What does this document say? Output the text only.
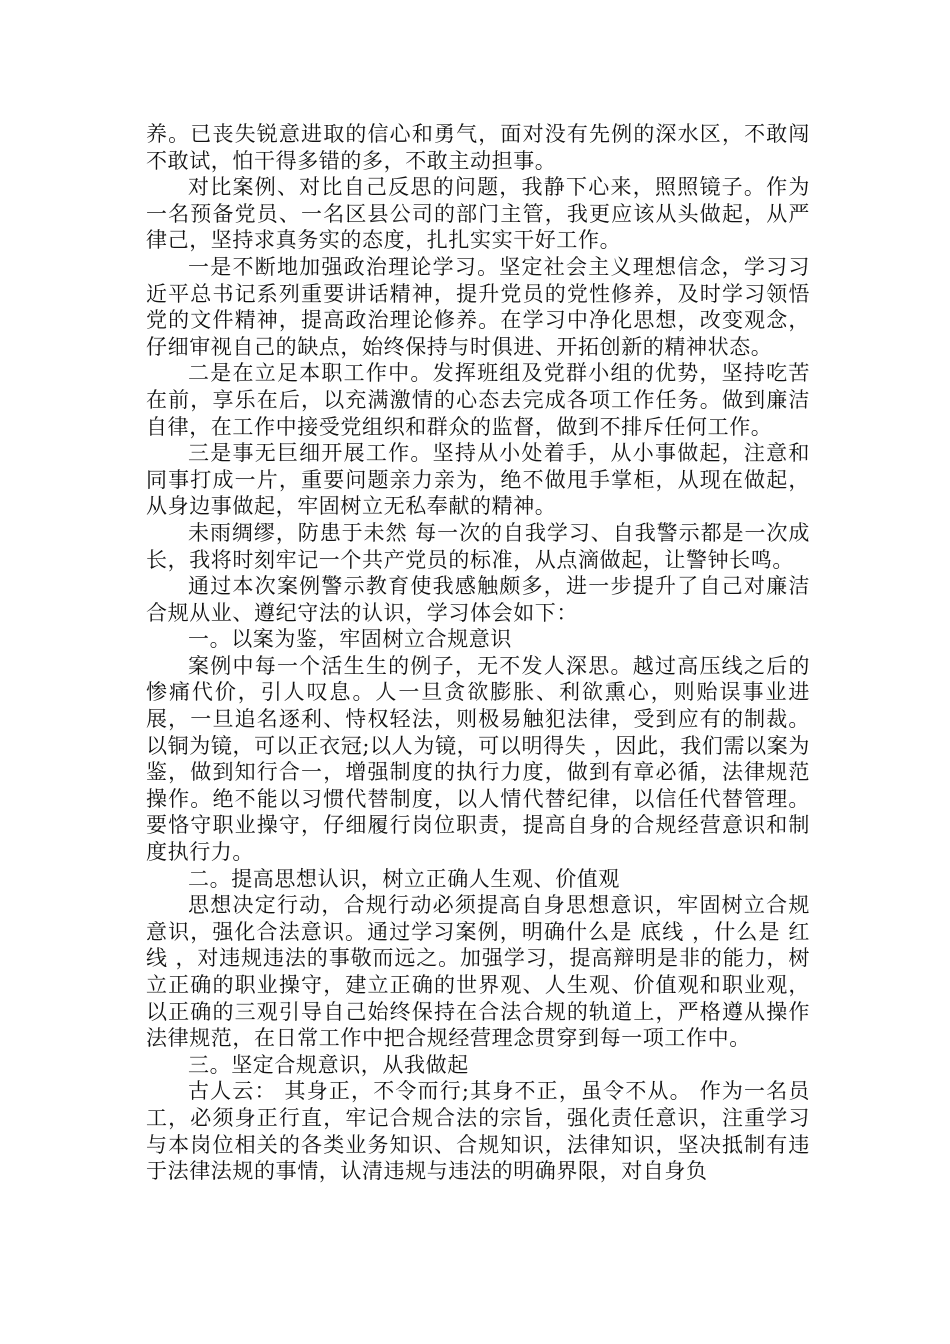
养。已丧失锐意进取的信心和勇气，面对没有先例的深水区，不敢闯不敢试，怕干得多错的多，不敢主动担事。

对比案例、对比自己反思的问题，我静下心来，照照镜子。作为一名预备党员、一名区县公司的部门主管，我更应该从头做起，从严律己，坚持求真务实的态度，扎扎实实干好工作。

一是不断地加强政治理论学习。坚定社会主义理想信念，学习习近平总书记系列重要讲话精神，提升党员的党性修养，及时学习领悟党的文件精神，提高政治理论修养。在学习中净化思想，改变观念，仔细审视自己的缺点，始终保持与时俱进、开拓创新的精神状态。

二是在立足本职工作中。发挥班组及党群小组的优势，坚持吃苦在前，享乐在后，以充满激情的心态去完成各项工作任务。做到廉洁自律，在工作中接受党组织和群众的监督，做到不排斥任何工作。

三是事无巨细开展工作。坚持从小处着手，从小事做起，注意和同事打成一片，重要问题亲力亲为，绝不做甩手掌柜，从现在做起，从身边事做起，牢固树立无私奉献的精神。

未雨绸缪，防患于未然 每一次的自我学习、自我警示都是一次成长，我将时刻牢记一个共产党员的标准，从点滴做起，让警钟长鸣。

通过本次案例警示教育使我感触颇多，进一步提升了自己对廉洁合规从业、遵纪守法的认识，学习体会如下：

一。以案为鉴，牢固树立合规意识

案例中每一个活生生的例子，无不发人深思。越过高压线之后的惨痛代价，引人叹息。人一旦贪欲膨胀、利欲熏心，则贻误事业进展，一旦追名逐利、恃权轻法，则极易触犯法律，受到应有的制裁。 以铜为镜，可以正衣冠;以人为镜，可以明得失 ，因此，我们需以案为鉴，做到知行合一，增强制度的执行力度，做到有章必循，法律规范操作。绝不能以习惯代替制度，以人情代替纪律，以信任代替管理。要恪守职业操守，仔细履行岗位职责，提高自身的合规经营意识和制度执行力。

二。提高思想认识，树立正确人生观、价值观

思想决定行动，合规行动必须提高自身思想意识，牢固树立合规意识，强化合法意识。通过学习案例，明确什么是 底线 ，什么是 红线 ，对违规违法的事敬而远之。加强学习，提高辩明是非的能力，树立正确的职业操守，建立正确的世界观、人生观、价值观和职业观，以正确的三观引导自己始终保持在合法合规的轨道上，严格遵从操作法律规范，在日常工作中把合规经营理念贯穿到每一项工作中。

三。坚定合规意识，从我做起

古人云： 其身正，不令而行;其身不正，虽令不从。 作为一名员工，必须身正行直，牢记合规合法的宗旨，强化责任意识，注重学习与本岗位相关的各类业务知识、合规知识，法律知识，坚决抵制有违于法律法规的事情，认清违规与违法的明确界限，对自身负
